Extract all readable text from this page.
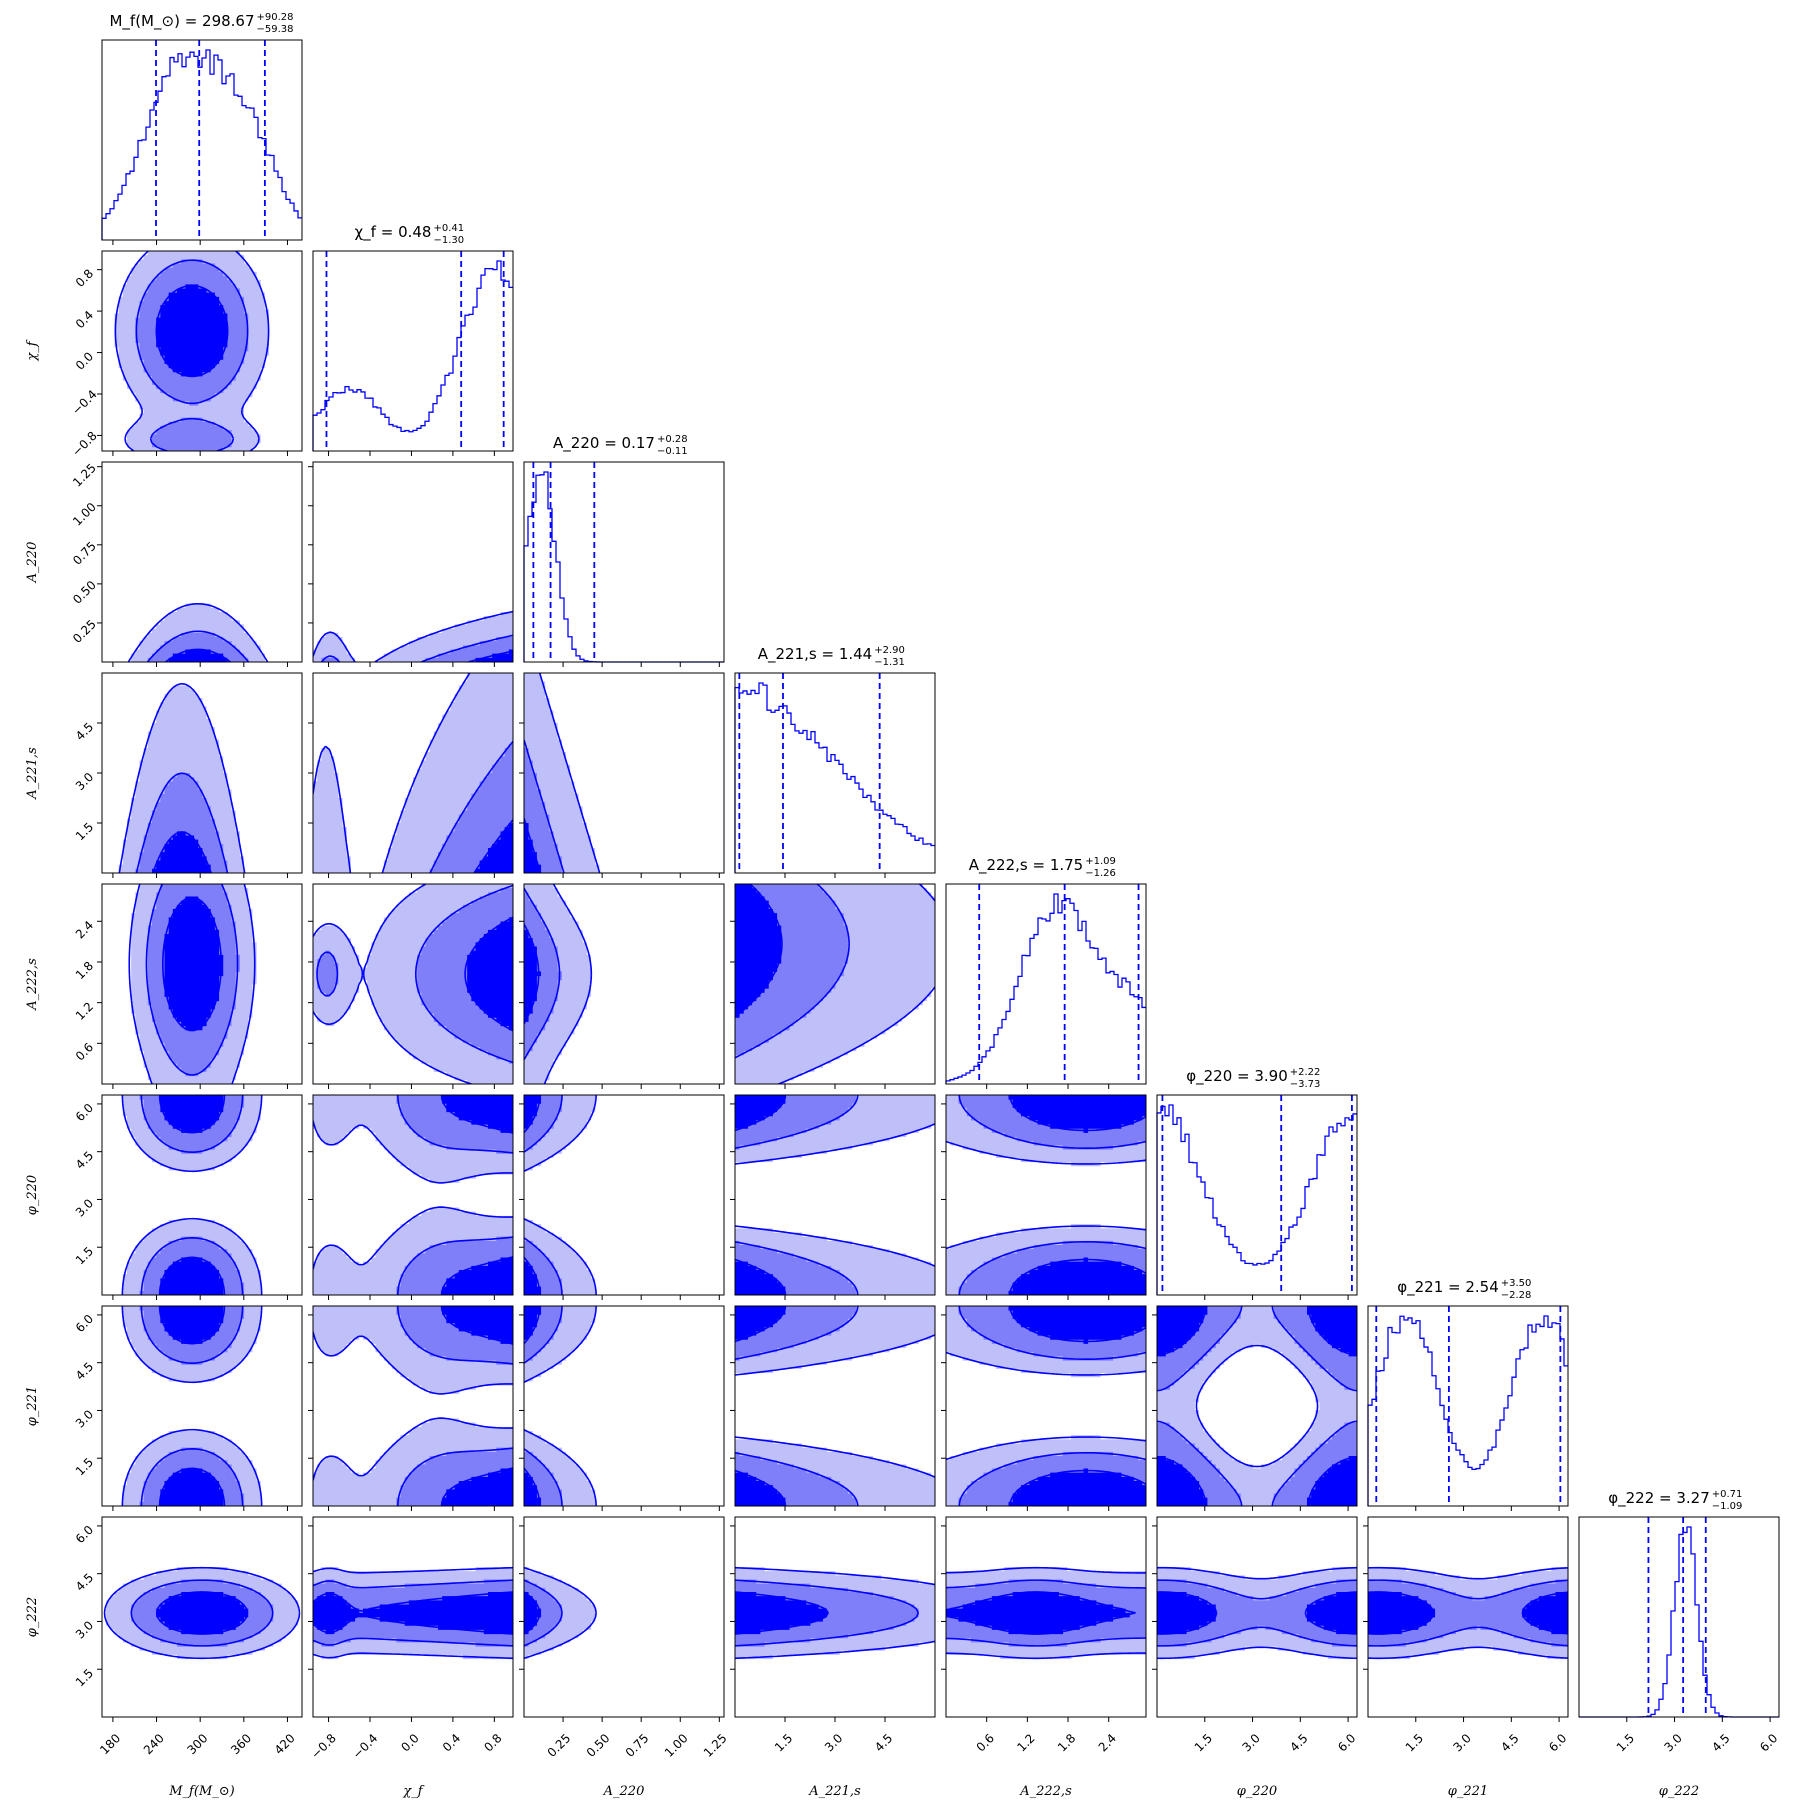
M_f(M_⊙) = 298.67 +90.28
−59.38
χ_f = 0.48 +0.41
−1.30
A_220 = 0.17 +0.28
−0.11
A_221,s = 1.44 +2.90
−1.31
A_222,s = 1.75 +1.09
−1.26
φ_220 = 3.90 +2.22
−3.73
φ_221 = 2.54 +3.50
−2.28
φ_222 = 3.27 +0.71
−1.09
180 240 300 360 420
M_f(M_⊙)
−0.8 −0.4 0.0 0.4 0.8
χ_f
0.25 0.50 0.75 1.00 1.25
A_220
1.5 3.0 4.5
A_221,s
0.6 1.2 1.8 2.4
A_222,s
1.5 3.0 4.5 6.0
φ_220
1.5 3.0 4.5 6.0
φ_221
1.5 3.0 4.5 6.0
φ_222
−0.8
−0.4
0.0
0.4
0.8
χ_f
0.25
0.50
0.75
1.00
1.25
A_220
1.5
3.0
4.5
A_221,s
0.6
1.2
1.8
2.4
A_222,s
1.5
3.0
4.5
6.0
φ_220
1.5
3.0
4.5
6.0
φ_221
1.5
3.0
4.5
6.0
φ_222
